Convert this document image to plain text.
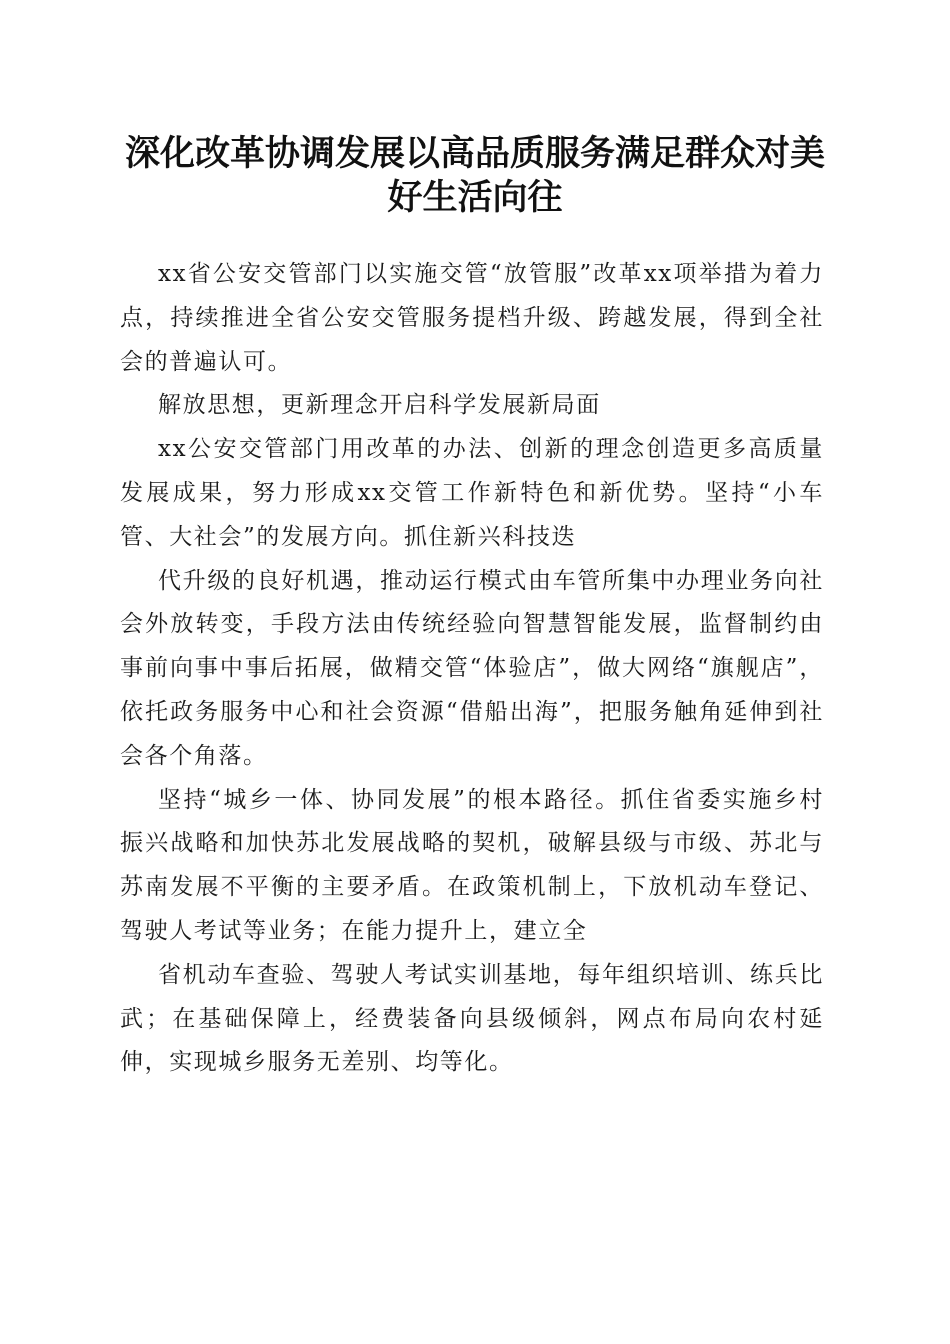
深化改革协调发展以高品质服务满足群众对美好生活向往

xx省公安交管部门以实施交管“放管服”改革xx项举措为着力点，持续推进全省公安交管服务提档升级、跨越发展，得到全社会的普遍认可。

解放思想，更新理念开启科学发展新局面

xx公安交管部门用改革的办法、创新的理念创造更多高质量发展成果，努力形成xx交管工作新特色和新优势。坚持“小车管、大社会”的发展方向。抓住新兴科技迭

代升级的良好机遇，推动运行模式由车管所集中办理业务向社会外放转变，手段方法由传统经验向智慧智能发展，监督制约由事前向事中事后拓展，做精交管“体验店”，做大网络“旗舰店”，依托政务服务中心和社会资源“借船出海”，把服务触角延伸到社会各个角落。

坚持“城乡一体、协同发展”的根本路径。抓住省委实施乡村振兴战略和加快苏北发展战略的契机，破解县级与市级、苏北与苏南发展不平衡的主要矛盾。在政策机制上，下放机动车登记、驾驶人考试等业务；在能力提升上，建立全

省机动车查验、驾驶人考试实训基地，每年组织培训、练兵比武；在基础保障上，经费装备向县级倾斜，网点布局向农村延伸，实现城乡服务无差别、均等化。
